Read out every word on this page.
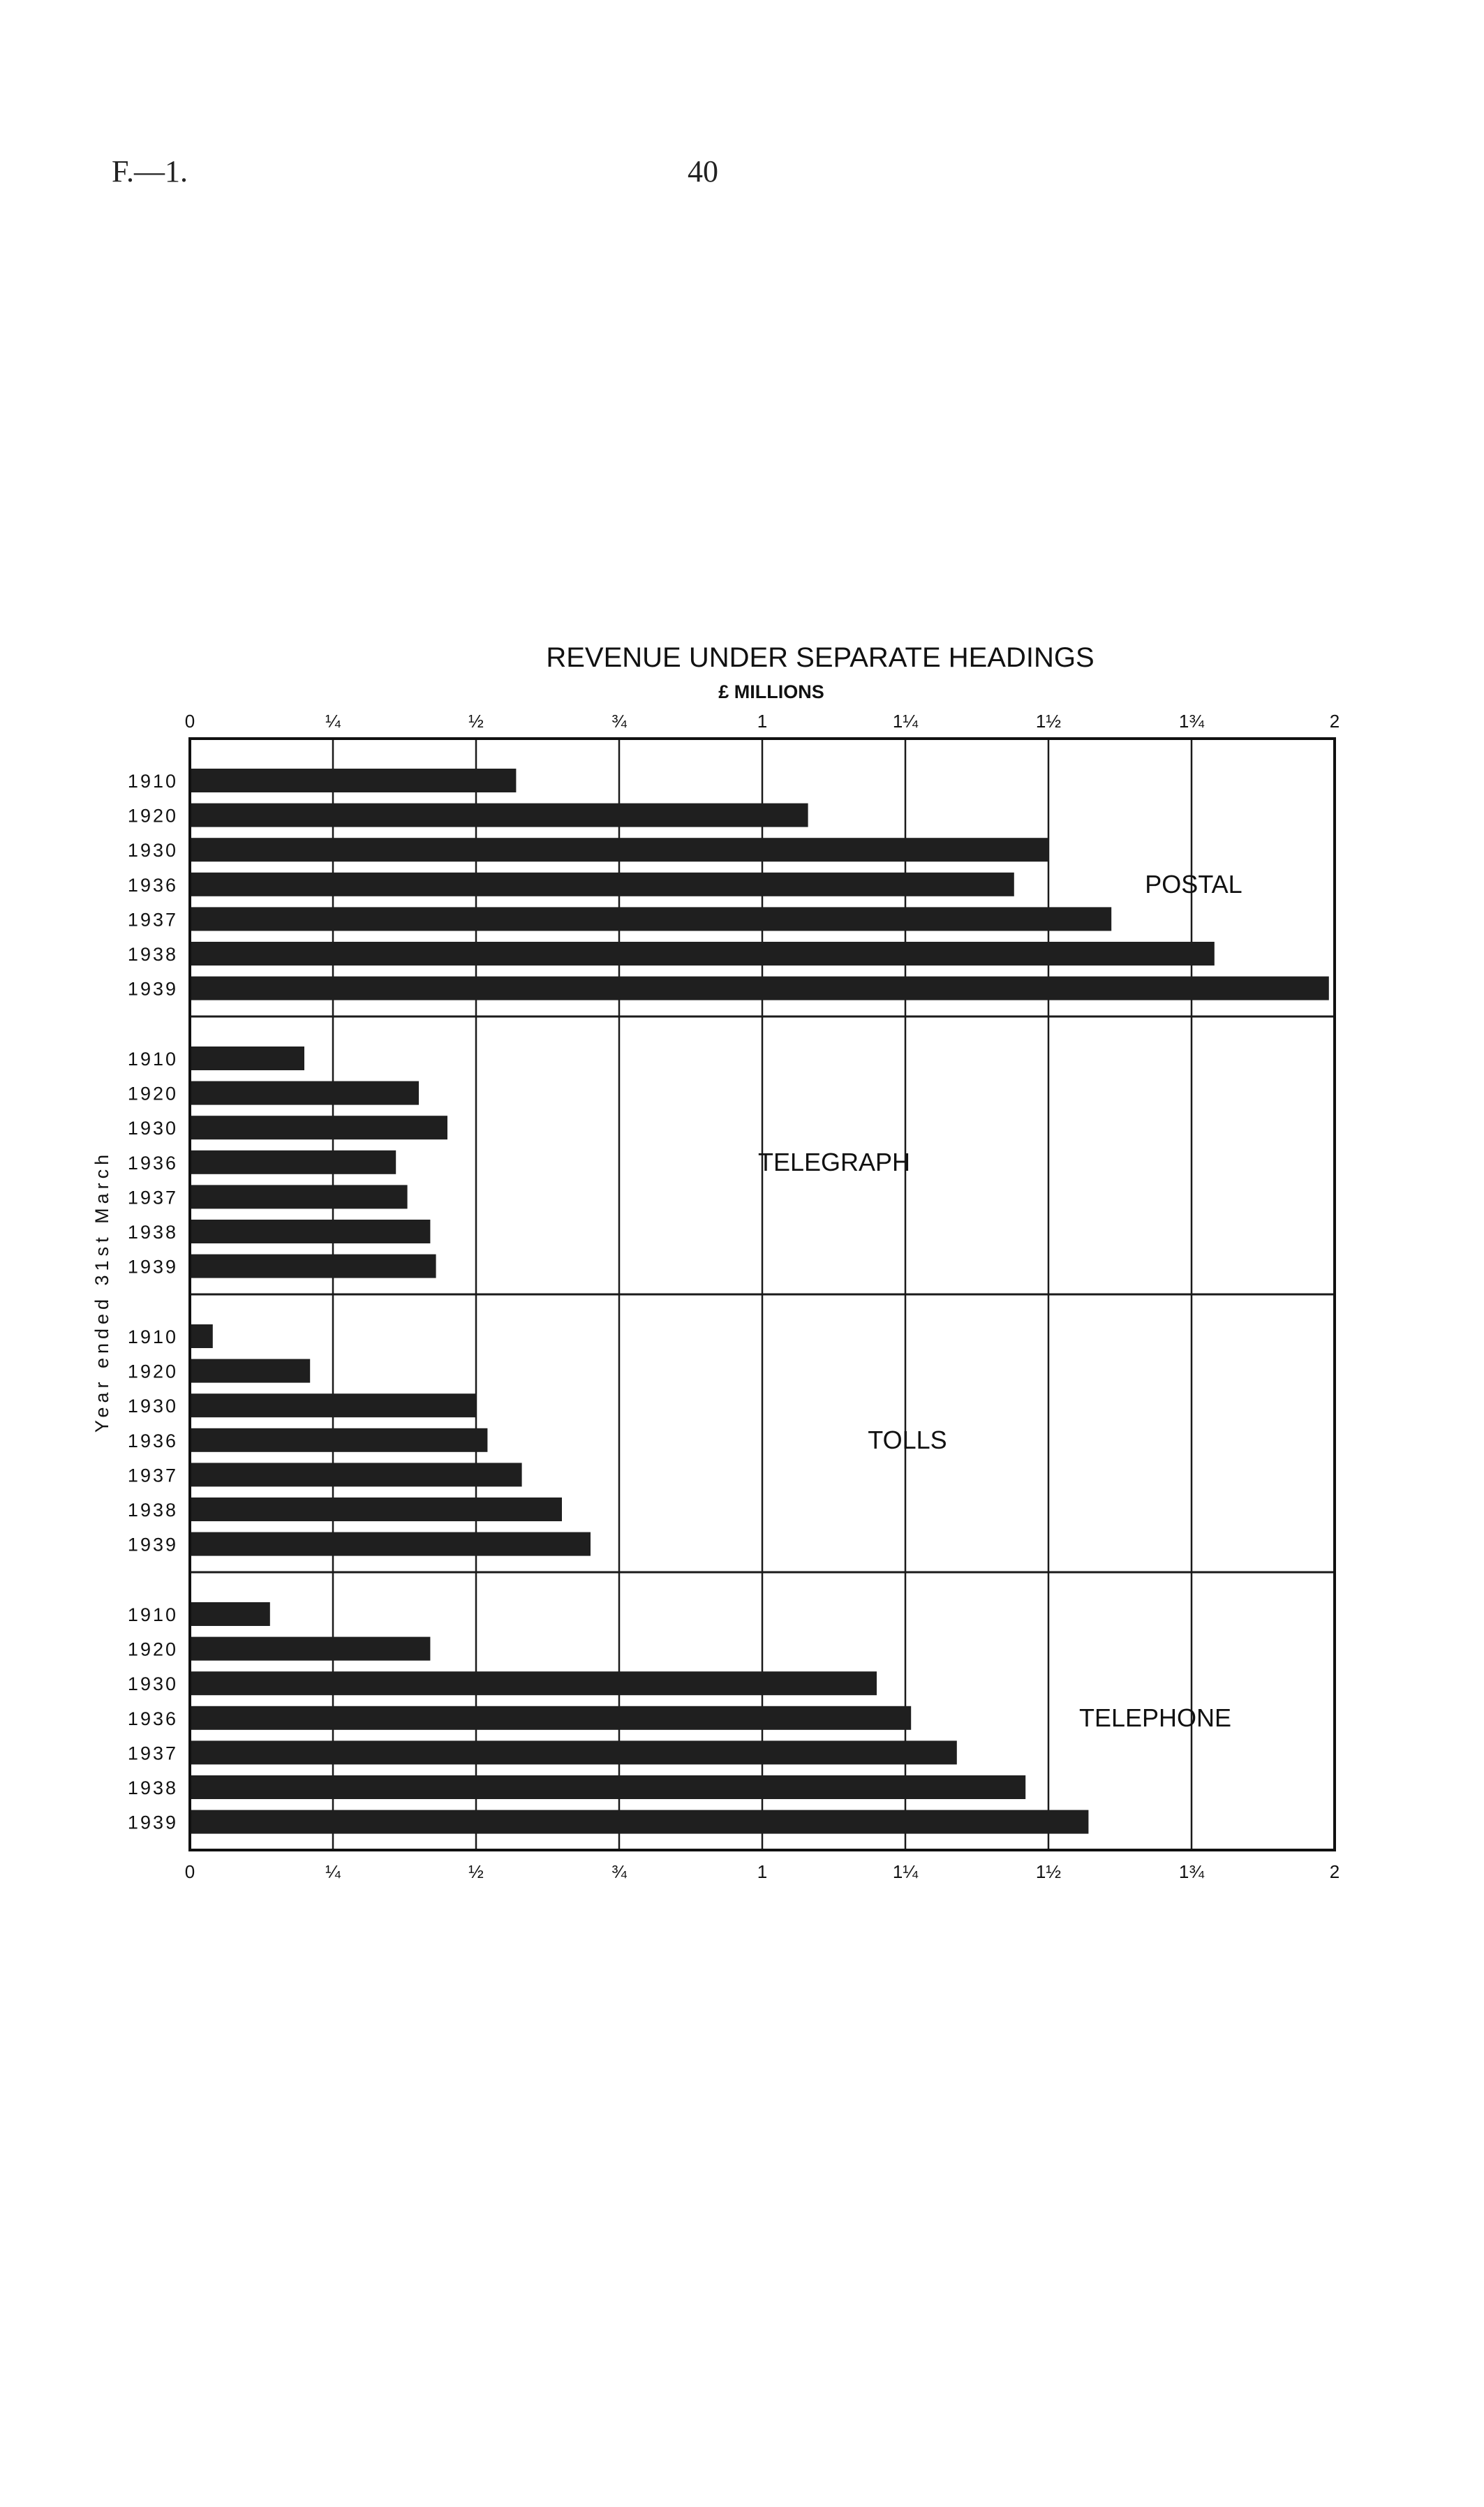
F.—1.	40
REVENUE UNDER SEPARATE HEADINGS
£ MILLIONS
Year ended 31st March
0
0
¼
¼
½
½
¾
¾
1
1
1¼
1¼
1½
1½
1¾
1¾
2
2
1910
1920
1930
1936
1937
1938
1939
POSTAL
1910
1920
1930
1936
1937
1938
1939
TELEGRAPH
1910
1920
1930
1936
1937
1938
1939
TOLLS
1910
1920
1930
1936
1937
1938
1939
TELEPHONE
